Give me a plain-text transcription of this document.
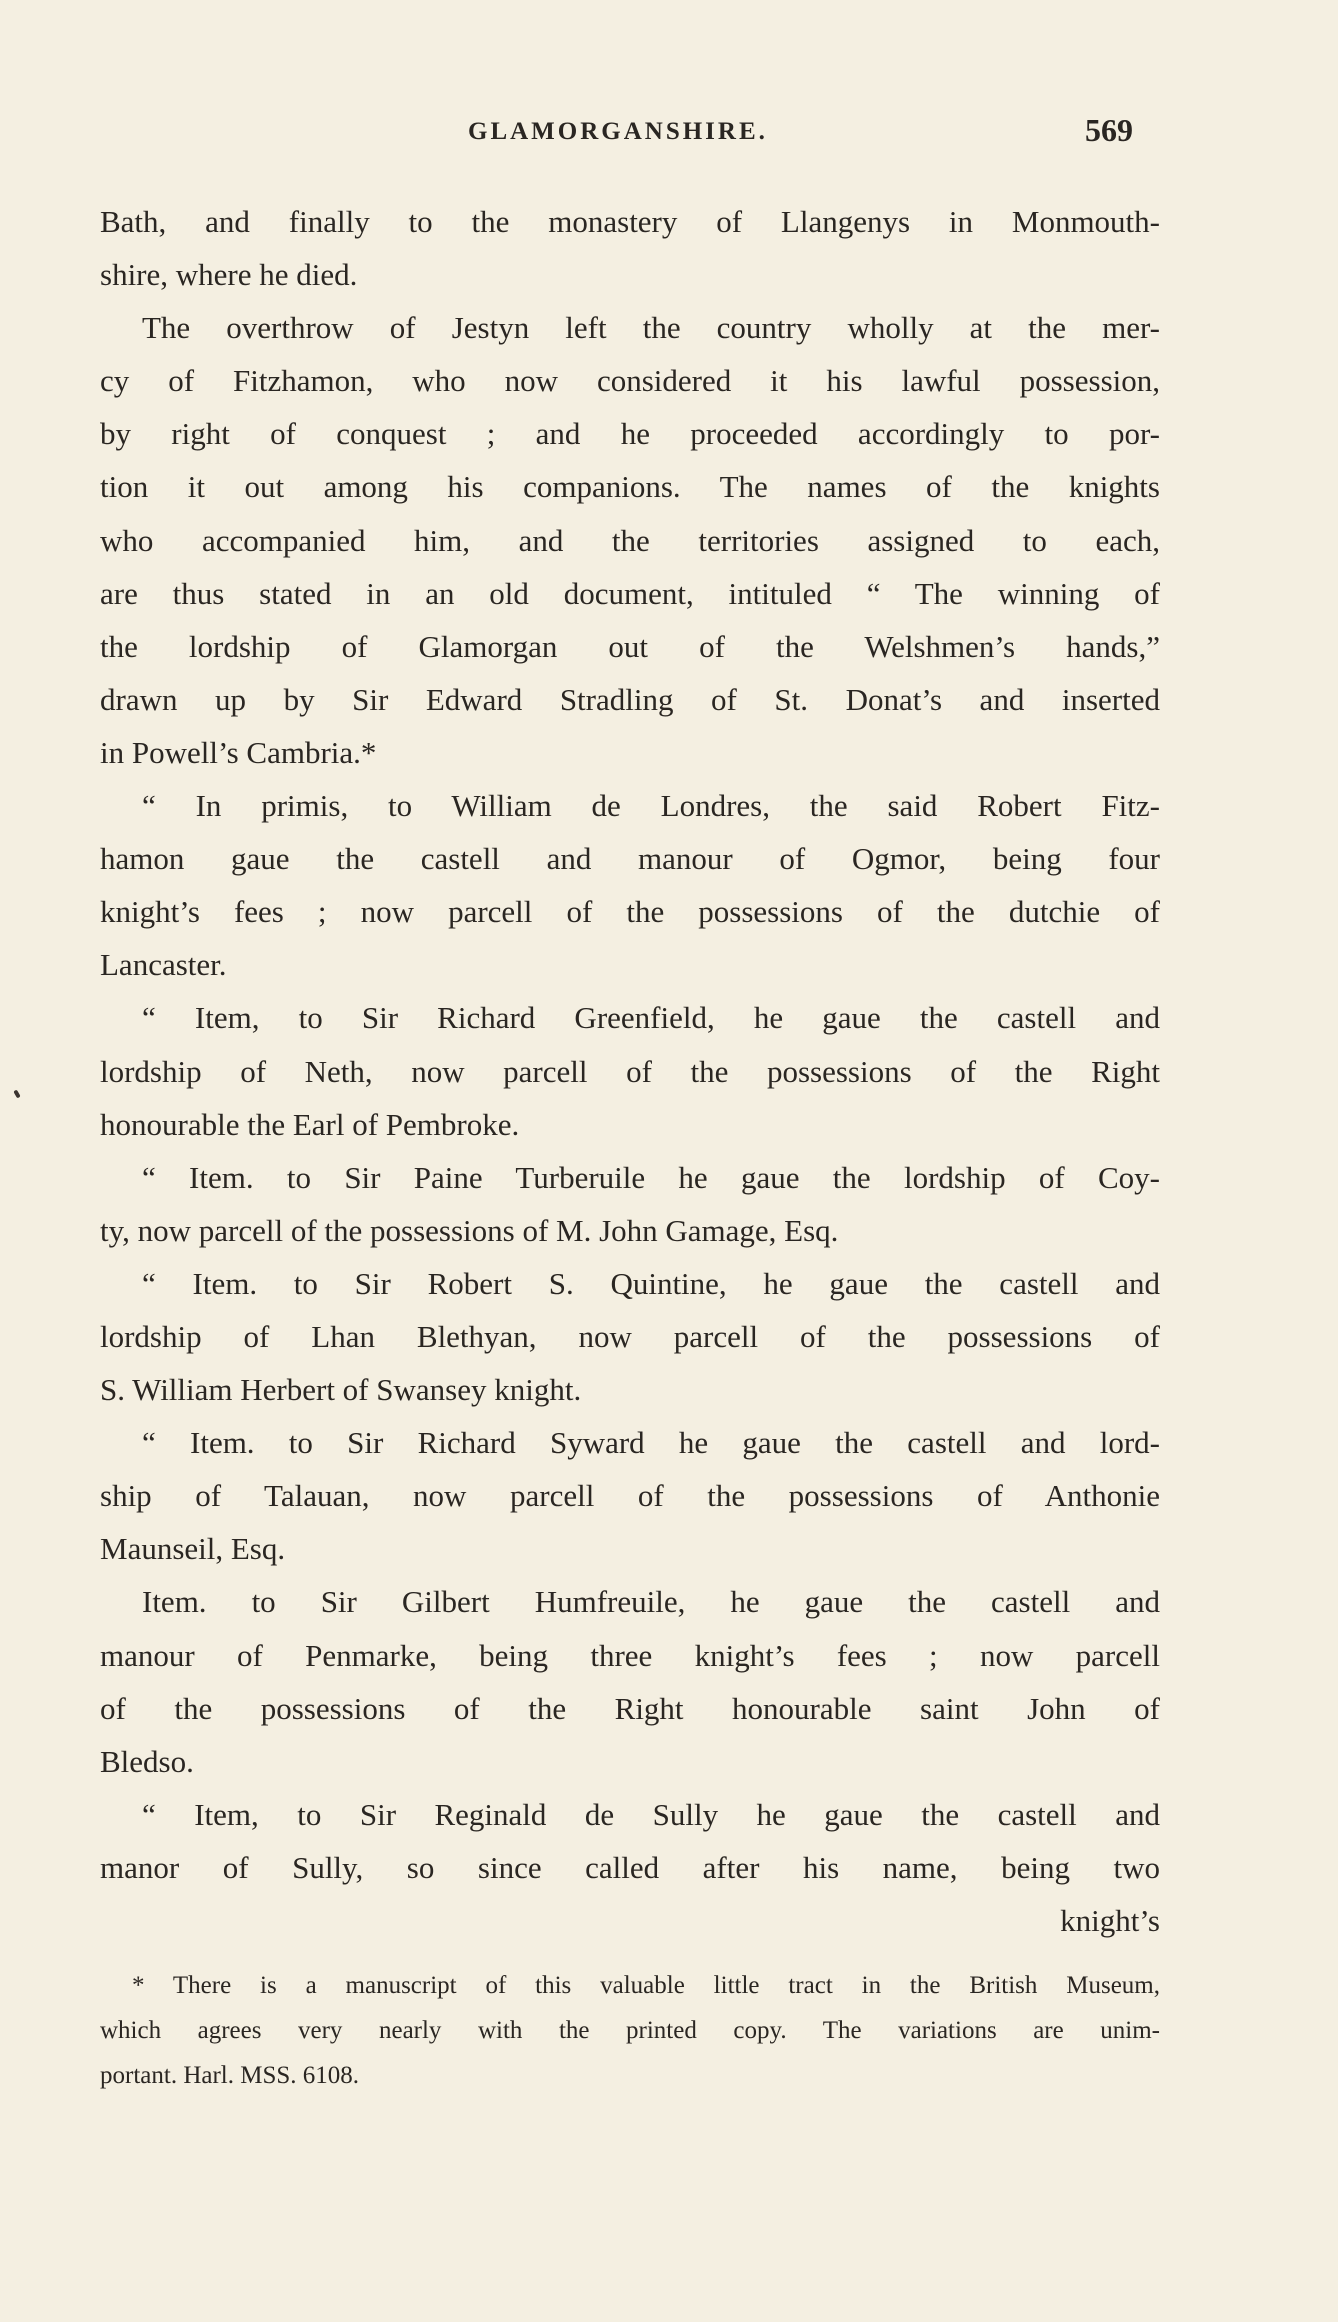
GLAMORGANSHIRE.	569
Bath, and finally to the monastery of Llangenys in Monmouth-
shire, where he died.
The overthrow of Jestyn left the country wholly at the mer-
cy of Fitzhamon, who now considered it his lawful possession,
by right of conquest ; and he proceeded accordingly to por-
tion it out among his companions. The names of the knights
who accompanied him, and the territories assigned to each,
are thus stated in an old document, intituled “ The winning of
the lordship of Glamorgan out of the Welshmen’s hands,”
drawn up by Sir Edward Stradling of St. Donat’s and inserted
in Powell’s Cambria.*
“ In primis, to William de Londres, the said Robert Fitz-
hamon gaue the castell and manour of Ogmor, being four
knight’s fees ; now parcell of the possessions of the dutchie of
Lancaster.
“ Item, to Sir Richard Greenfield, he gaue the castell and
lordship of Neth, now parcell of the possessions of the Right
honourable the Earl of Pembroke.
“ Item. to Sir Paine Turberuile he gaue the lordship of Coy-
ty, now parcell of the possessions of M. John Gamage, Esq.
“ Item. to Sir Robert S. Quintine, he gaue the castell and
lordship of Lhan Blethyan, now parcell of the possessions of
S. William Herbert of Swansey knight.
“ Item. to Sir Richard Syward he gaue the castell and lord-
ship of Talauan, now parcell of the possessions of Anthonie
Maunseil, Esq.
Item. to Sir Gilbert Humfreuile, he gaue the castell and
manour of Penmarke, being three knight’s fees ; now parcell
of the possessions of the Right honourable saint John of
Bledso.
“ Item, to Sir Reginald de Sully he gaue the castell and
manor of Sully, so since called after his name, being two
knight’s
* There is a manuscript of this valuable little tract in the British Museum,
which agrees very nearly with the printed copy. The variations are unim-
portant. Harl. MSS. 6108.
